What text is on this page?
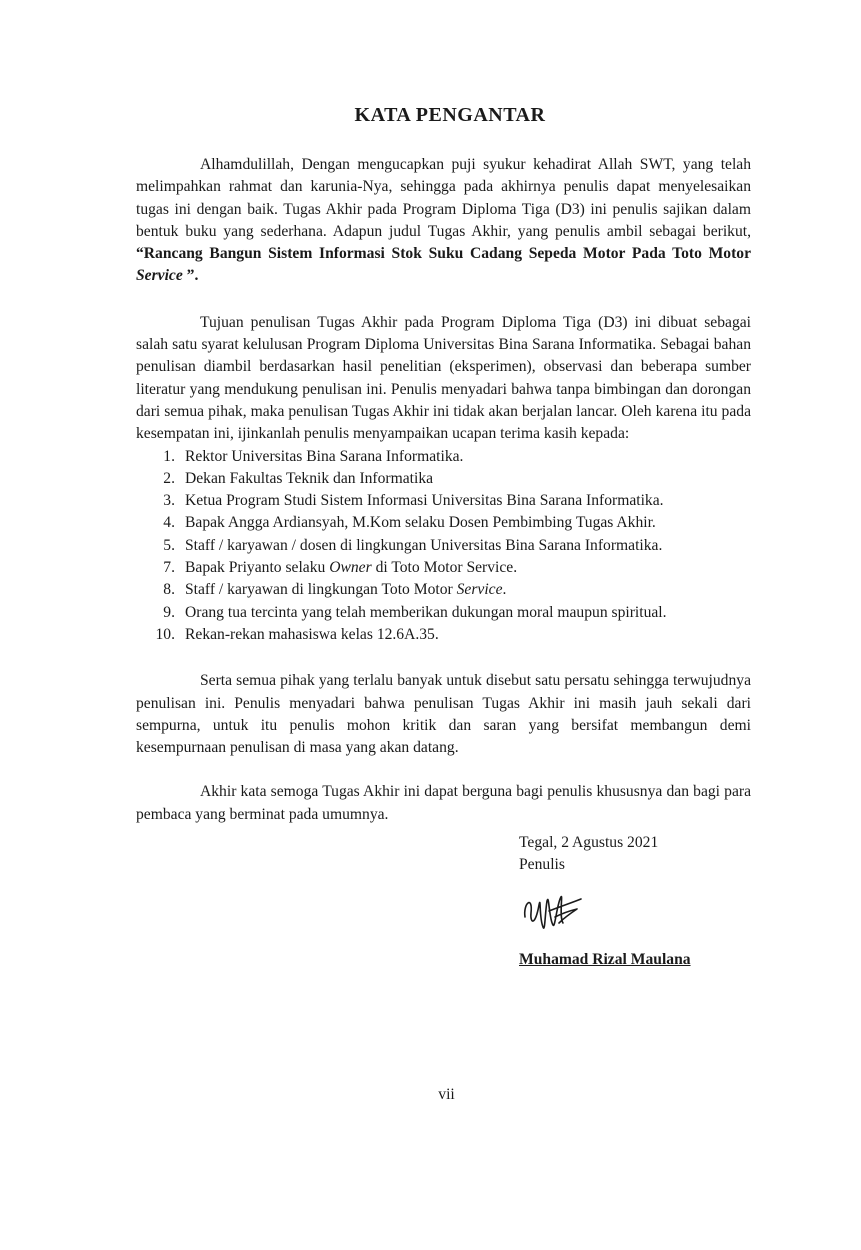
KATA PENGANTAR

Alhamdulillah, Dengan mengucapkan puji syukur kehadirat Allah SWT, yang telah melimpahkan rahmat dan karunia-Nya, sehingga pada akhirnya penulis dapat menyelesaikan tugas ini dengan baik. Tugas Akhir pada Program Diploma Tiga (D3) ini penulis sajikan dalam bentuk buku yang sederhana. Adapun judul Tugas Akhir, yang penulis ambil sebagai berikut, “Rancang Bangun Sistem Informasi Stok Suku Cadang Sepeda Motor Pada Toto Motor Service ”.

Tujuan penulisan Tugas Akhir pada Program Diploma Tiga (D3) ini dibuat sebagai salah satu syarat kelulusan Program Diploma Universitas Bina Sarana Informatika. Sebagai bahan penulisan diambil berdasarkan hasil penelitian (eksperimen), observasi dan beberapa sumber literatur yang mendukung penulisan ini. Penulis menyadari bahwa tanpa bimbingan dan dorongan dari semua pihak, maka penulisan Tugas Akhir ini tidak akan berjalan lancar. Oleh karena itu pada kesempatan ini, ijinkanlah penulis menyampaikan ucapan terima kasih kepada:

1. Rektor Universitas Bina Sarana Informatika.
2. Dekan Fakultas Teknik dan Informatika
3. Ketua Program Studi Sistem Informasi Universitas Bina Sarana Informatika.
4. Bapak Angga Ardiansyah, M.Kom selaku Dosen Pembimbing Tugas Akhir.
5. Staff / karyawan / dosen di lingkungan Universitas Bina Sarana Informatika.
7. Bapak Priyanto selaku Owner di Toto Motor Service.
8. Staff / karyawan di lingkungan Toto Motor Service.
9. Orang tua tercinta yang telah memberikan dukungan moral maupun spiritual.
10. Rekan-rekan mahasiswa kelas 12.6A.35.

Serta semua pihak yang terlalu banyak untuk disebut satu persatu sehingga terwujudnya penulisan ini. Penulis menyadari bahwa penulisan Tugas Akhir ini masih jauh sekali dari sempurna, untuk itu penulis mohon kritik dan saran yang bersifat membangun demi kesempurnaan penulisan di masa yang akan datang.

Akhir kata semoga Tugas Akhir ini dapat berguna bagi penulis khususnya dan bagi para pembaca yang berminat pada umumnya.

Tegal, 2 Agustus 2021
Penulis
Muhamad Rizal Maulana
vii
